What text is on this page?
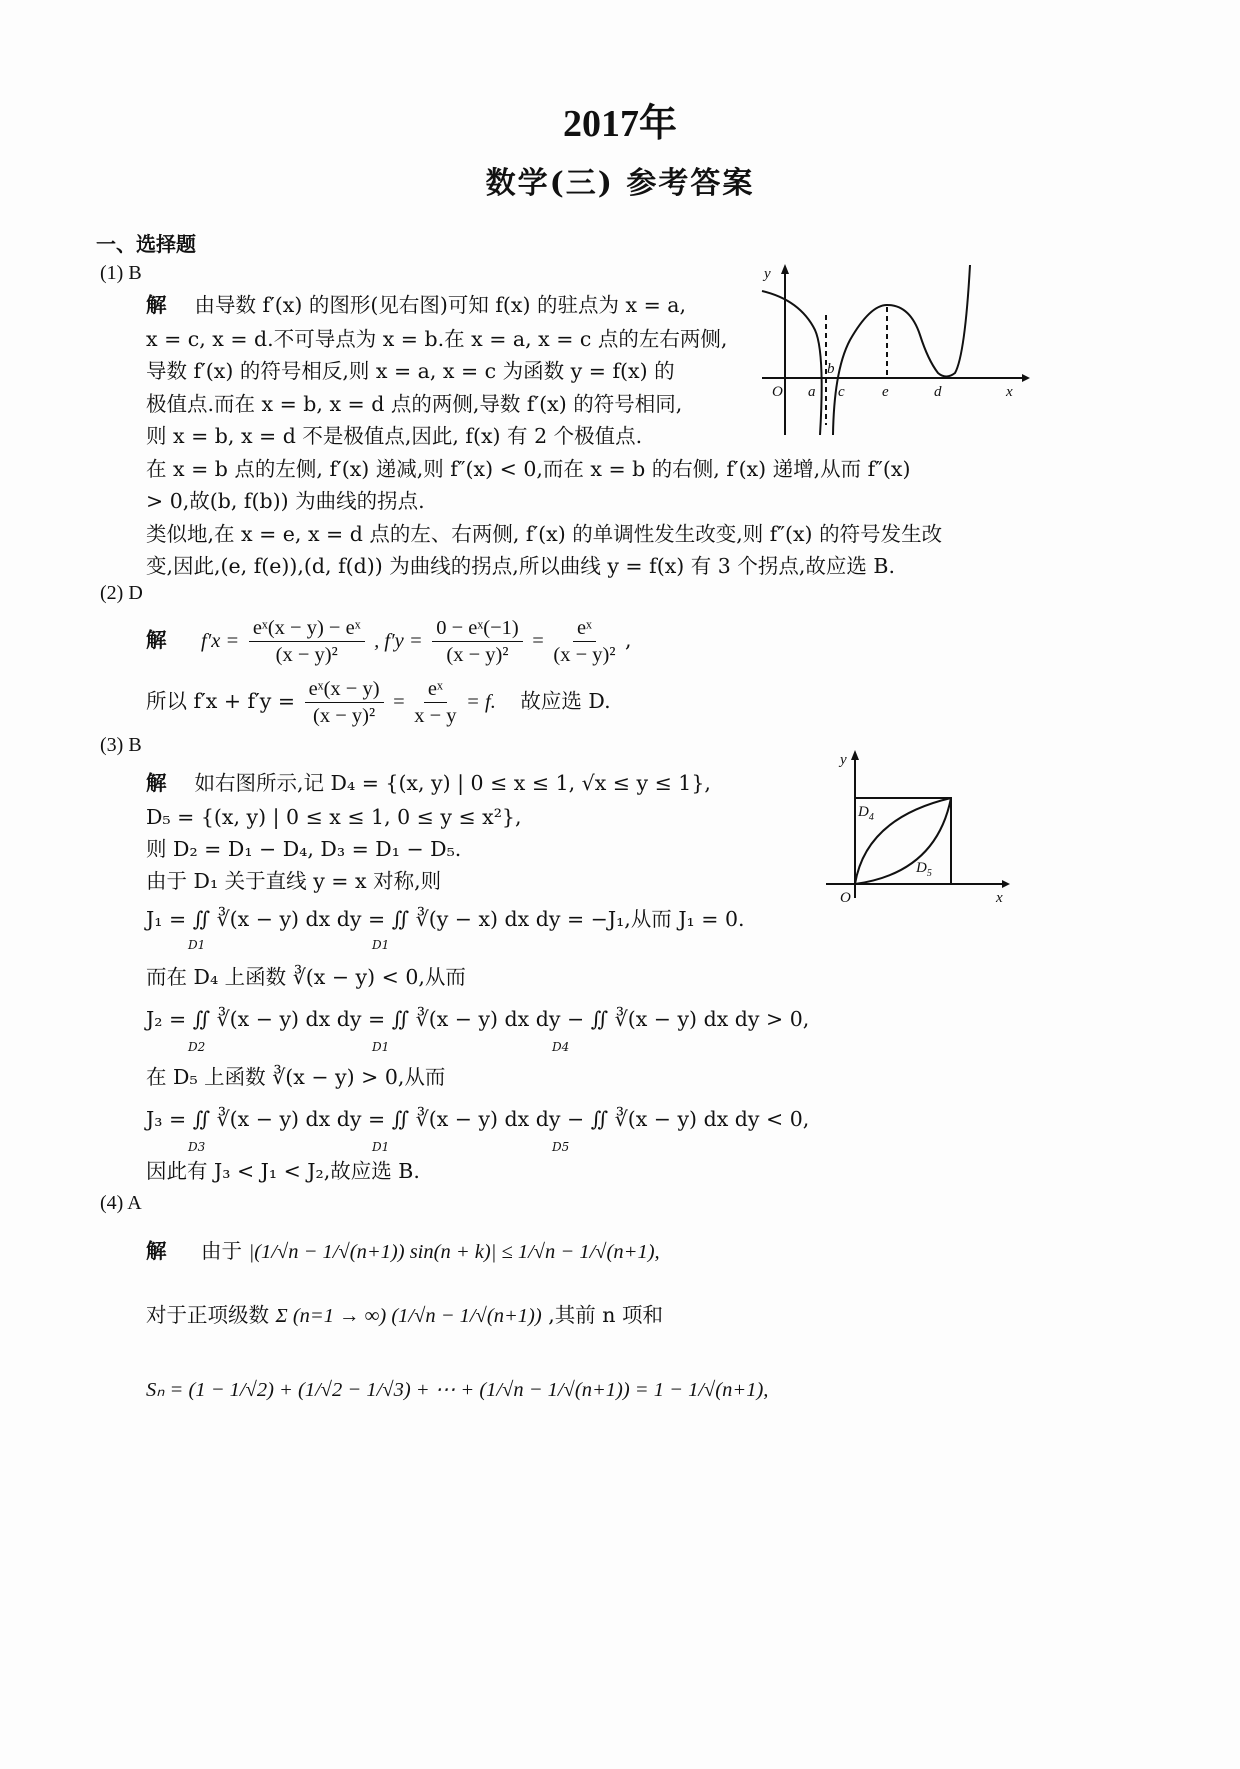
2017年
数学(三) 参考答案
一、选择题
(1) B
解 由导数 f′(x) 的图形(见右图)可知 f(x) 的驻点为 x = a,
x = c, x = d.不可导点为 x = b.在 x = a, x = c 点的左右两侧,
导数 f′(x) 的符号相反,则 x = a, x = c 为函数 y = f(x) 的
极值点.而在 x = b, x = d 点的两侧,导数 f′(x) 的符号相同,
则 x = b, x = d 不是极值点,因此, f(x) 有 2 个极值点.
在 x = b 点的左侧, f′(x) 递减,则 f″(x) < 0,而在 x = b 的右侧, f′(x) 递增,从而 f″(x)
> 0,故(b, f(b)) 为曲线的拐点.
类似地,在 x = e, x = d 点的左、右两侧, f′(x) 的单调性发生改变,则 f″(x) 的符号发生改
变,因此,(e, f(e)),(d, f(d)) 为曲线的拐点,所以曲线 y = f(x) 有 3 个拐点,故应选 B.
y
O a
b
c e	d	x
(2) D
解 $f'x = \frac{\text{eˣ(x − y) − eˣ}}{\text{(x − y)²}}$ , $f'y = \frac{\text{0 − eˣ(−1)}}{\text{(x − y)²}} = \frac{\text{eˣ}}{\text{(x − y)²}}$ ,
所以 $f'x + f'y = \frac{\text{eˣ(x − y)}}{\text{(x − y)²}} = \frac{\text{eˣ}}{x - y} = f$. 故应选 D.
(3) B
解 如右图所示,记 D₄ = {(x, y) | 0 ≤ x ≤ 1, √x ≤ y ≤ 1},
D₅ = {(x, y) | 0 ≤ x ≤ 1, 0 ≤ y ≤ x²},
则 D₂ = D₁ − D₄, D₃ = D₁ − D₅.
由于 D₁ 关于直线 y = x 对称,则
J₁ = ∬ ∛(x − y) dx dy = ∬ ∛(y − x) dx dy = −J₁,从而 J₁ = 0.
D1	D1
而在 D₄ 上函数 ∛(x − y) < 0,从而
J₂ = ∬ ∛(x − y) dx dy = ∬ ∛(x − y) dx dy − ∬ ∛(x − y) dx dy > 0,
D2	D1	D4
在 D₅ 上函数 ∛(x − y) > 0,从而
J₃ = ∬ ∛(x − y) dx dy = ∬ ∛(x − y) dx dy − ∬ ∛(x − y) dx dy < 0,
D3	D1	D5
因此有 J₃ < J₁ < J₂,故应选 B.
y
O	x
$D_4$
$D_5$
(4) A
解 由于 |(1/√n − 1/√(n+1)) sin(n + k)| ≤ 1/√n − 1/√(n+1),
对于正项级数 Σ (n=1 → ∞) (1/√n − 1/√(n+1)) ,其前 n 项和
Sₙ = (1 − 1/√2) + (1/√2 − 1/√3) + ⋯ + (1/√n − 1/√(n+1)) = 1 − 1/√(n+1),
